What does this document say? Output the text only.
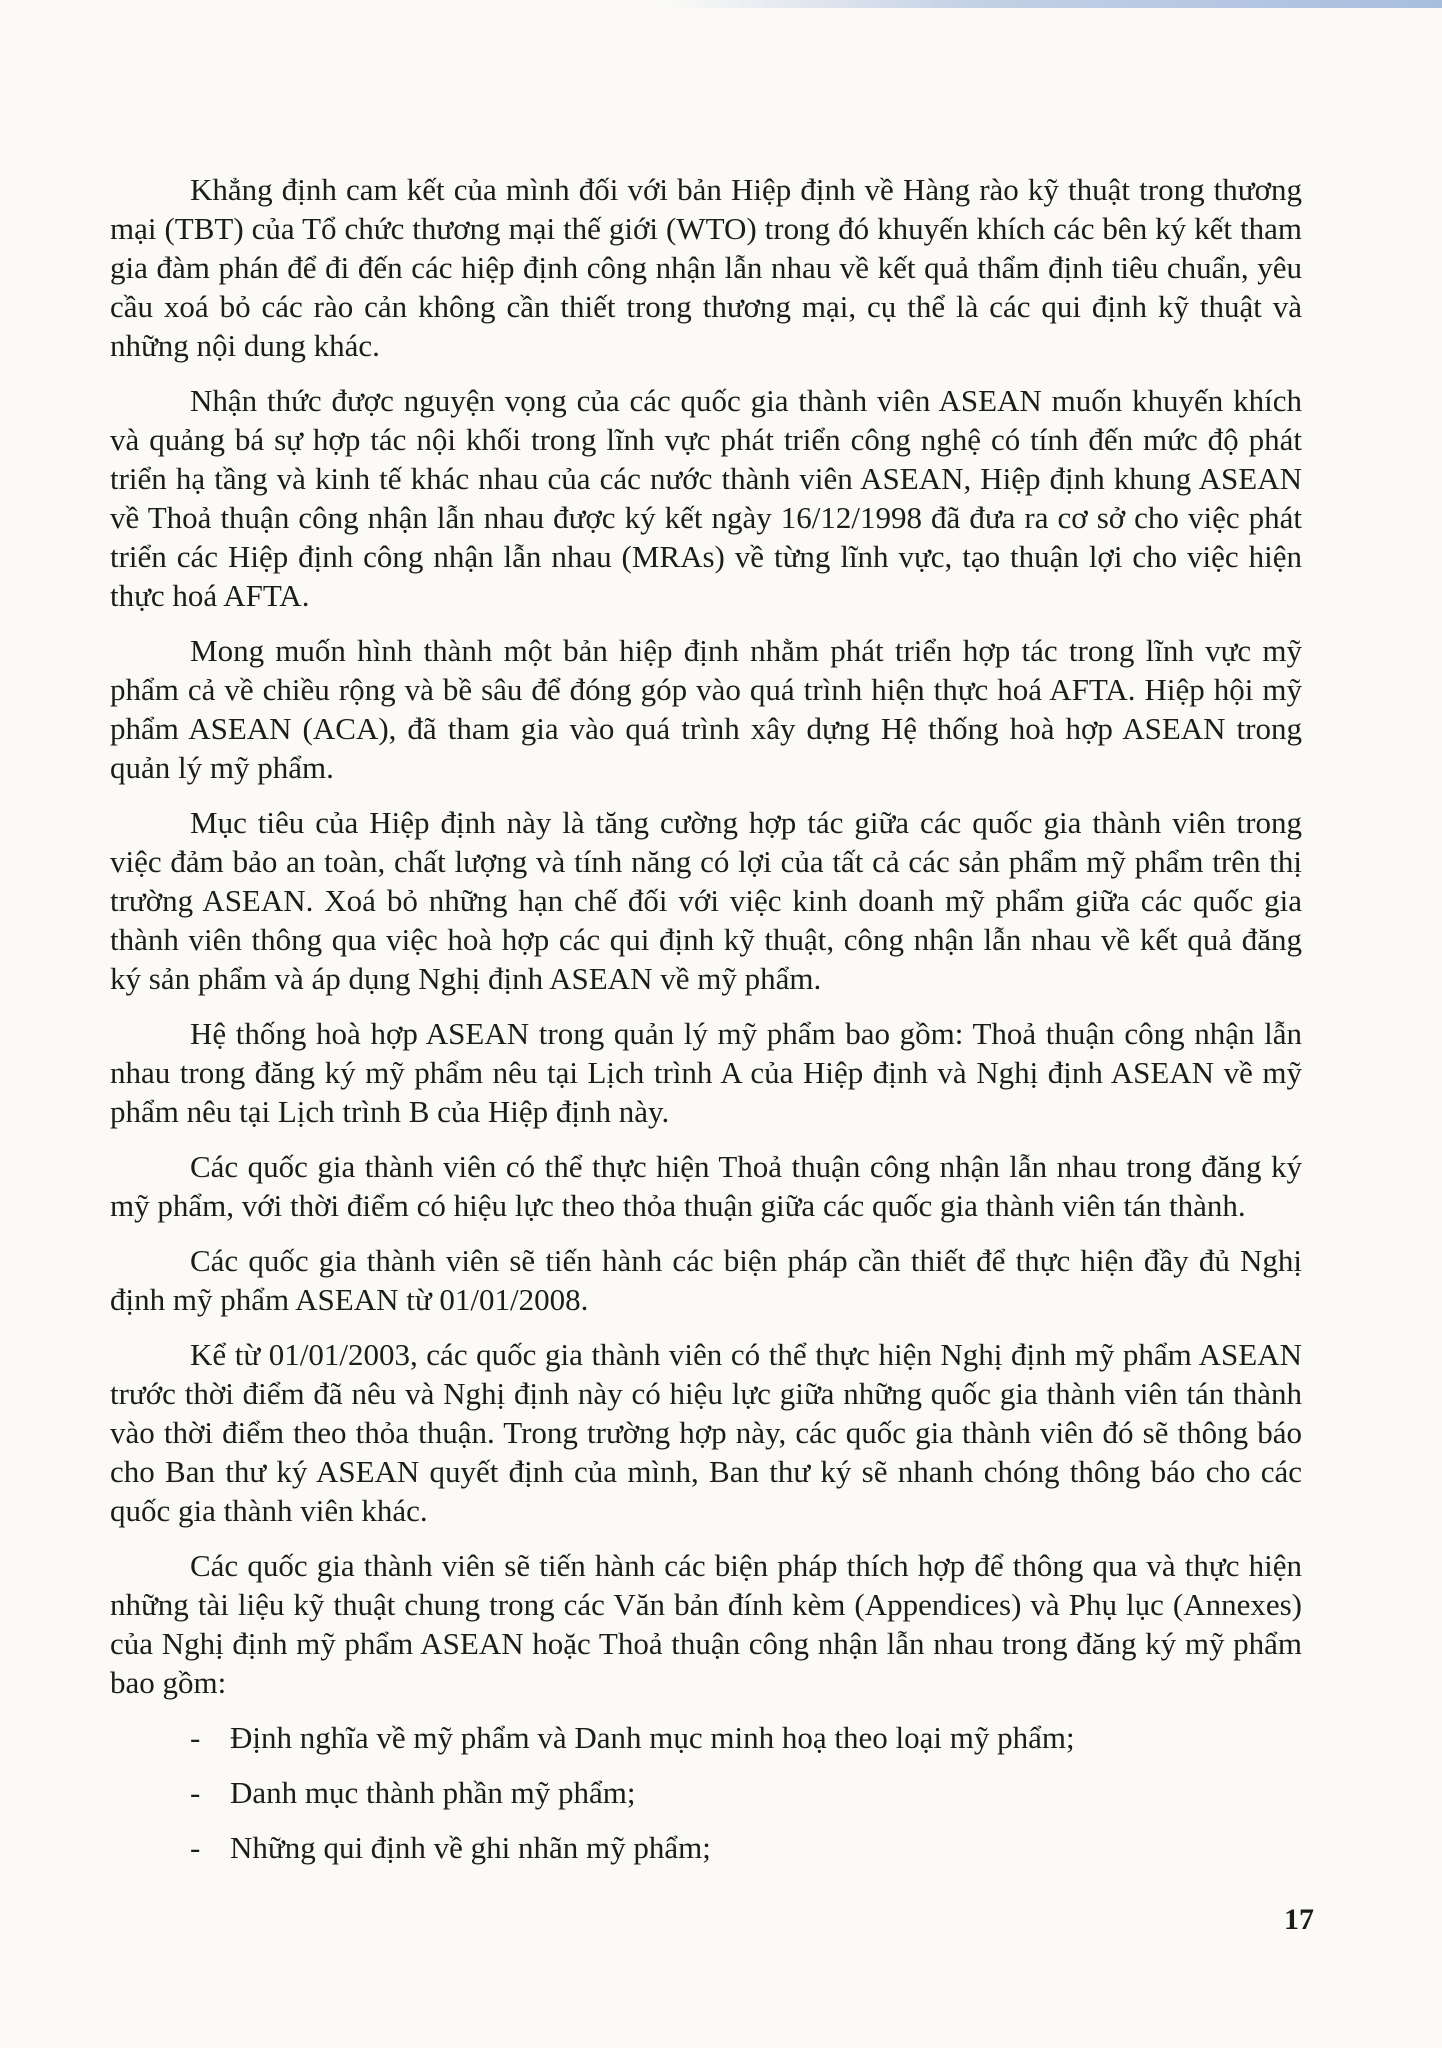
Khẳng định cam kết của mình đối với bản Hiệp định về Hàng rào kỹ thuật trong thương mại (TBT) của Tổ chức thương mại thế giới (WTO) trong đó khuyến khích các bên ký kết tham gia đàm phán để đi đến các hiệp định công nhận lẫn nhau về kết quả thẩm định tiêu chuẩn, yêu cầu xoá bỏ các rào cản không cần thiết trong thương mại, cụ thể là các qui định kỹ thuật và những nội dung khác.

Nhận thức được nguyện vọng của các quốc gia thành viên ASEAN muốn khuyến khích và quảng bá sự hợp tác nội khối trong lĩnh vực phát triển công nghệ có tính đến mức độ phát triển hạ tầng và kinh tế khác nhau của các nước thành viên ASEAN, Hiệp định khung ASEAN về Thoả thuận công nhận lẫn nhau được ký kết ngày 16/12/1998 đã đưa ra cơ sở cho việc phát triển các Hiệp định công nhận lẫn nhau (MRAs) về từng lĩnh vực, tạo thuận lợi cho việc hiện thực hoá AFTA.

Mong muốn hình thành một bản hiệp định nhằm phát triển hợp tác trong lĩnh vực mỹ phẩm cả về chiều rộng và bề sâu để đóng góp vào quá trình hiện thực hoá AFTA. Hiệp hội mỹ phẩm ASEAN (ACA), đã tham gia vào quá trình xây dựng Hệ thống hoà hợp ASEAN trong quản lý mỹ phẩm.

Mục tiêu của Hiệp định này là tăng cường hợp tác giữa các quốc gia thành viên trong việc đảm bảo an toàn, chất lượng và tính năng có lợi của tất cả các sản phẩm mỹ phẩm trên thị trường ASEAN. Xoá bỏ những hạn chế đối với việc kinh doanh mỹ phẩm giữa các quốc gia thành viên thông qua việc hoà hợp các qui định kỹ thuật, công nhận lẫn nhau về kết quả đăng ký sản phẩm và áp dụng Nghị định ASEAN về mỹ phẩm.

Hệ thống hoà hợp ASEAN trong quản lý mỹ phẩm bao gồm: Thoả thuận công nhận lẫn nhau trong đăng ký mỹ phẩm nêu tại Lịch trình A của Hiệp định và Nghị định ASEAN về mỹ phẩm nêu tại Lịch trình B của Hiệp định này.

Các quốc gia thành viên có thể thực hiện Thoả thuận công nhận lẫn nhau trong đăng ký mỹ phẩm, với thời điểm có hiệu lực theo thỏa thuận giữa các quốc gia thành viên tán thành.

Các quốc gia thành viên sẽ tiến hành các biện pháp cần thiết để thực hiện đầy đủ Nghị định mỹ phẩm ASEAN từ 01/01/2008.

Kể từ 01/01/2003, các quốc gia thành viên có thể thực hiện Nghị định mỹ phẩm ASEAN trước thời điểm đã nêu và Nghị định này có hiệu lực giữa những quốc gia thành viên tán thành vào thời điểm theo thỏa thuận. Trong trường hợp này, các quốc gia thành viên đó sẽ thông báo cho Ban thư ký ASEAN quyết định của mình, Ban thư ký sẽ nhanh chóng thông báo cho các quốc gia thành viên khác.

Các quốc gia thành viên sẽ tiến hành các biện pháp thích hợp để thông qua và thực hiện những tài liệu kỹ thuật chung trong các Văn bản đính kèm (Appendices) và Phụ lục (Annexes) của Nghị định mỹ phẩm ASEAN hoặc Thoả thuận công nhận lẫn nhau trong đăng ký mỹ phẩm bao gồm:

- Định nghĩa về mỹ phẩm và Danh mục minh hoạ theo loại mỹ phẩm;
- Danh mục thành phần mỹ phẩm;
- Những qui định về ghi nhãn mỹ phẩm;
17
